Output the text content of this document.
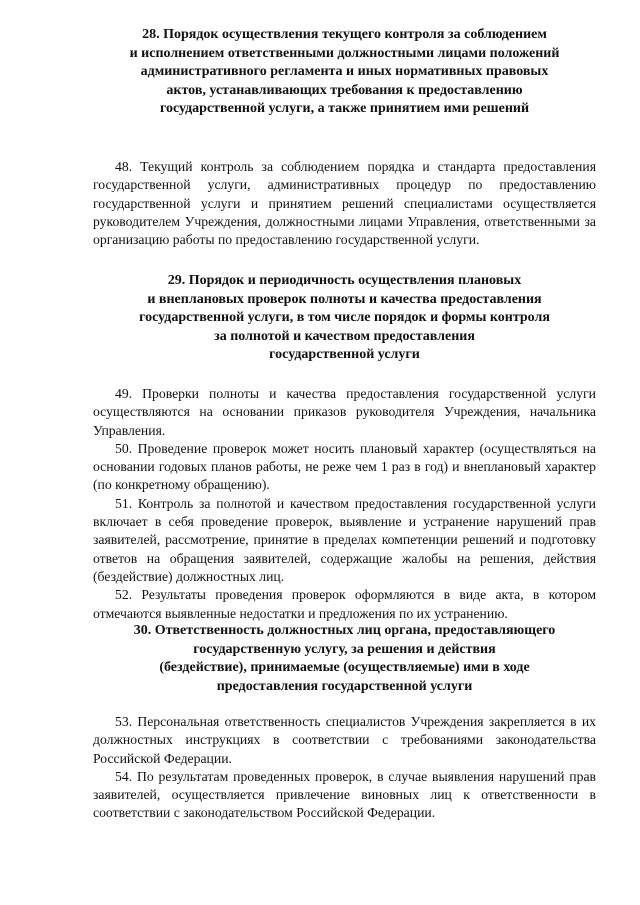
28. Порядок осуществления текущего контроля за соблюдением
и исполнением ответственными должностными лицами положений
административного регламента и иных нормативных правовых
актов, устанавливающих требования к предоставлению
государственной услуги, а также принятием ими решений

48. Текущий контроль за соблюдением порядка и стандарта предоставления государственной услуги, административных процедур по предоставлению государственной услуги и принятием решений специалистами осуществляется руководителем Учреждения, должностными лицами Управления, ответственными за организацию работы по предоставлению государственной услуги.

29. Порядок и периодичность осуществления плановых
и внеплановых проверок полноты и качества предоставления
государственной услуги, в том числе порядок и формы контроля
за полнотой и качеством предоставления
государственной услуги

49. Проверки полноты и качества предоставления государственной услуги осуществляются на основании приказов руководителя Учреждения, начальника Управления.

50. Проведение проверок может носить плановый характер (осуществляться на основании годовых планов работы, не реже чем 1 раз в год) и внеплановый характер (по конкретному обращению).

51. Контроль за полнотой и качеством предоставления государственной услуги включает в себя проведение проверок, выявление и устранение нарушений прав заявителей, рассмотрение, принятие в пределах компетенции решений и подготовку ответов на обращения заявителей, содержащие жалобы на решения, действия (бездействие) должностных лиц.

52. Результаты проведения проверок оформляются в виде акта, в котором отмечаются выявленные недостатки и предложения по их устранению.

30. Ответственность должностных лиц органа, предоставляющего
государственную услугу, за решения и действия
(бездействие), принимаемые (осуществляемые) ими в ходе
предоставления государственной услуги

53. Персональная ответственность специалистов Учреждения закрепляется в их должностных инструкциях в соответствии с требованиями законодательства Российской Федерации.

54. По результатам проведенных проверок, в случае выявления нарушений прав заявителей, осуществляется привлечение виновных лиц к ответственности в соответствии с законодательством Российской Федерации.
